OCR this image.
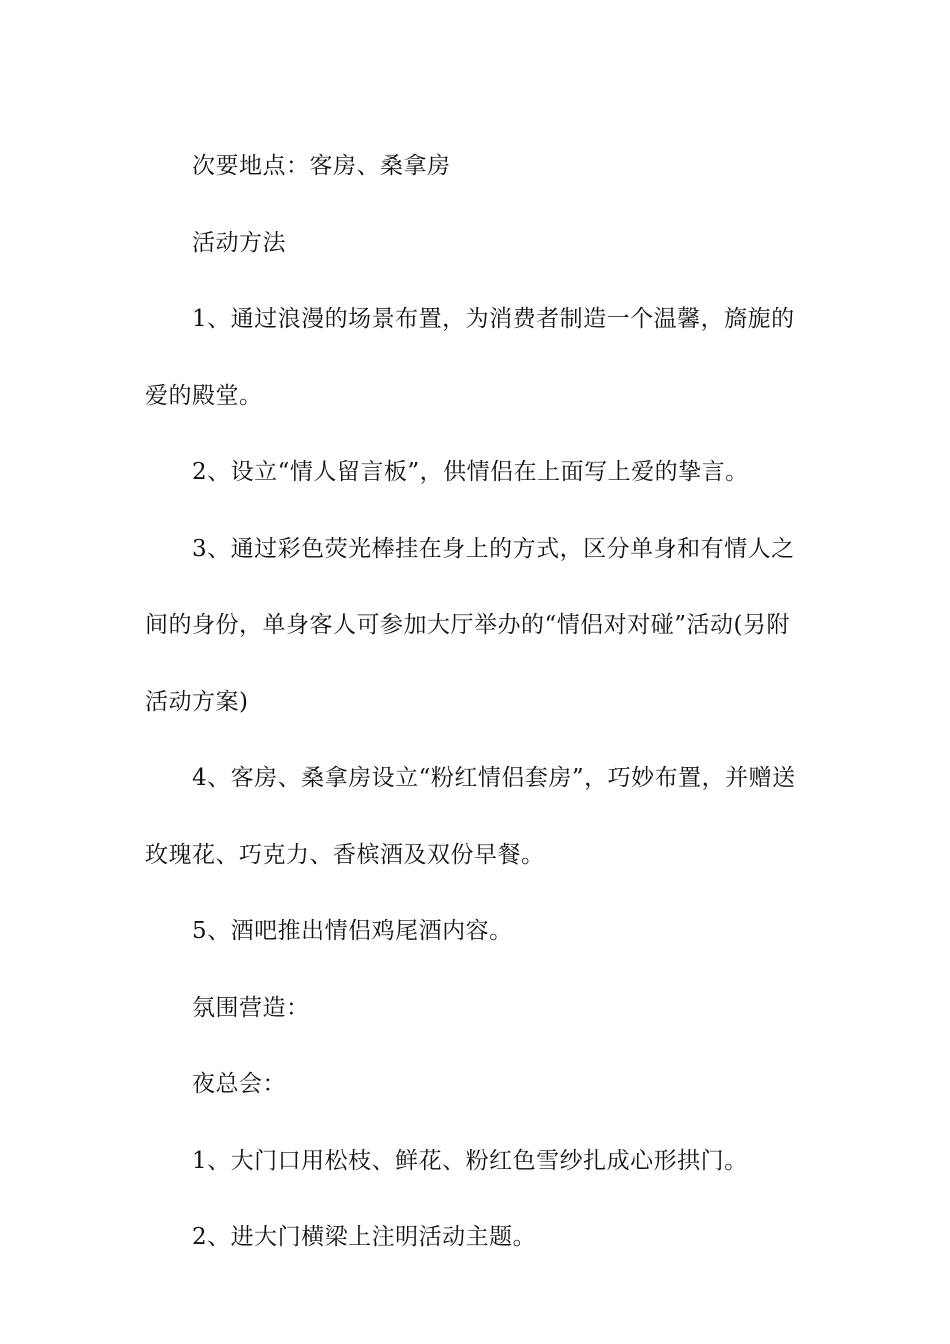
次要地点：客房、桑拿房

活动方法

1、通过浪漫的场景布置，为消费者制造一个温馨，旖旎的爱的殿堂。

2、设立“情人留言板”，供情侣在上面写上爱的挚言。

3、通过彩色荧光棒挂在身上的方式，区分单身和有情人之间的身份，单身客人可参加大厅举办的“情侣对对碰”活动(另附活动方案)

4、客房、桑拿房设立“粉红情侣套房”，巧妙布置，并赠送玫瑰花、巧克力、香槟酒及双份早餐。

5、酒吧推出情侣鸡尾酒内容。

氛围营造：

夜总会：

1、大门口用松枝、鲜花、粉红色雪纱扎成心形拱门。

2、进大门横梁上注明活动主题。
